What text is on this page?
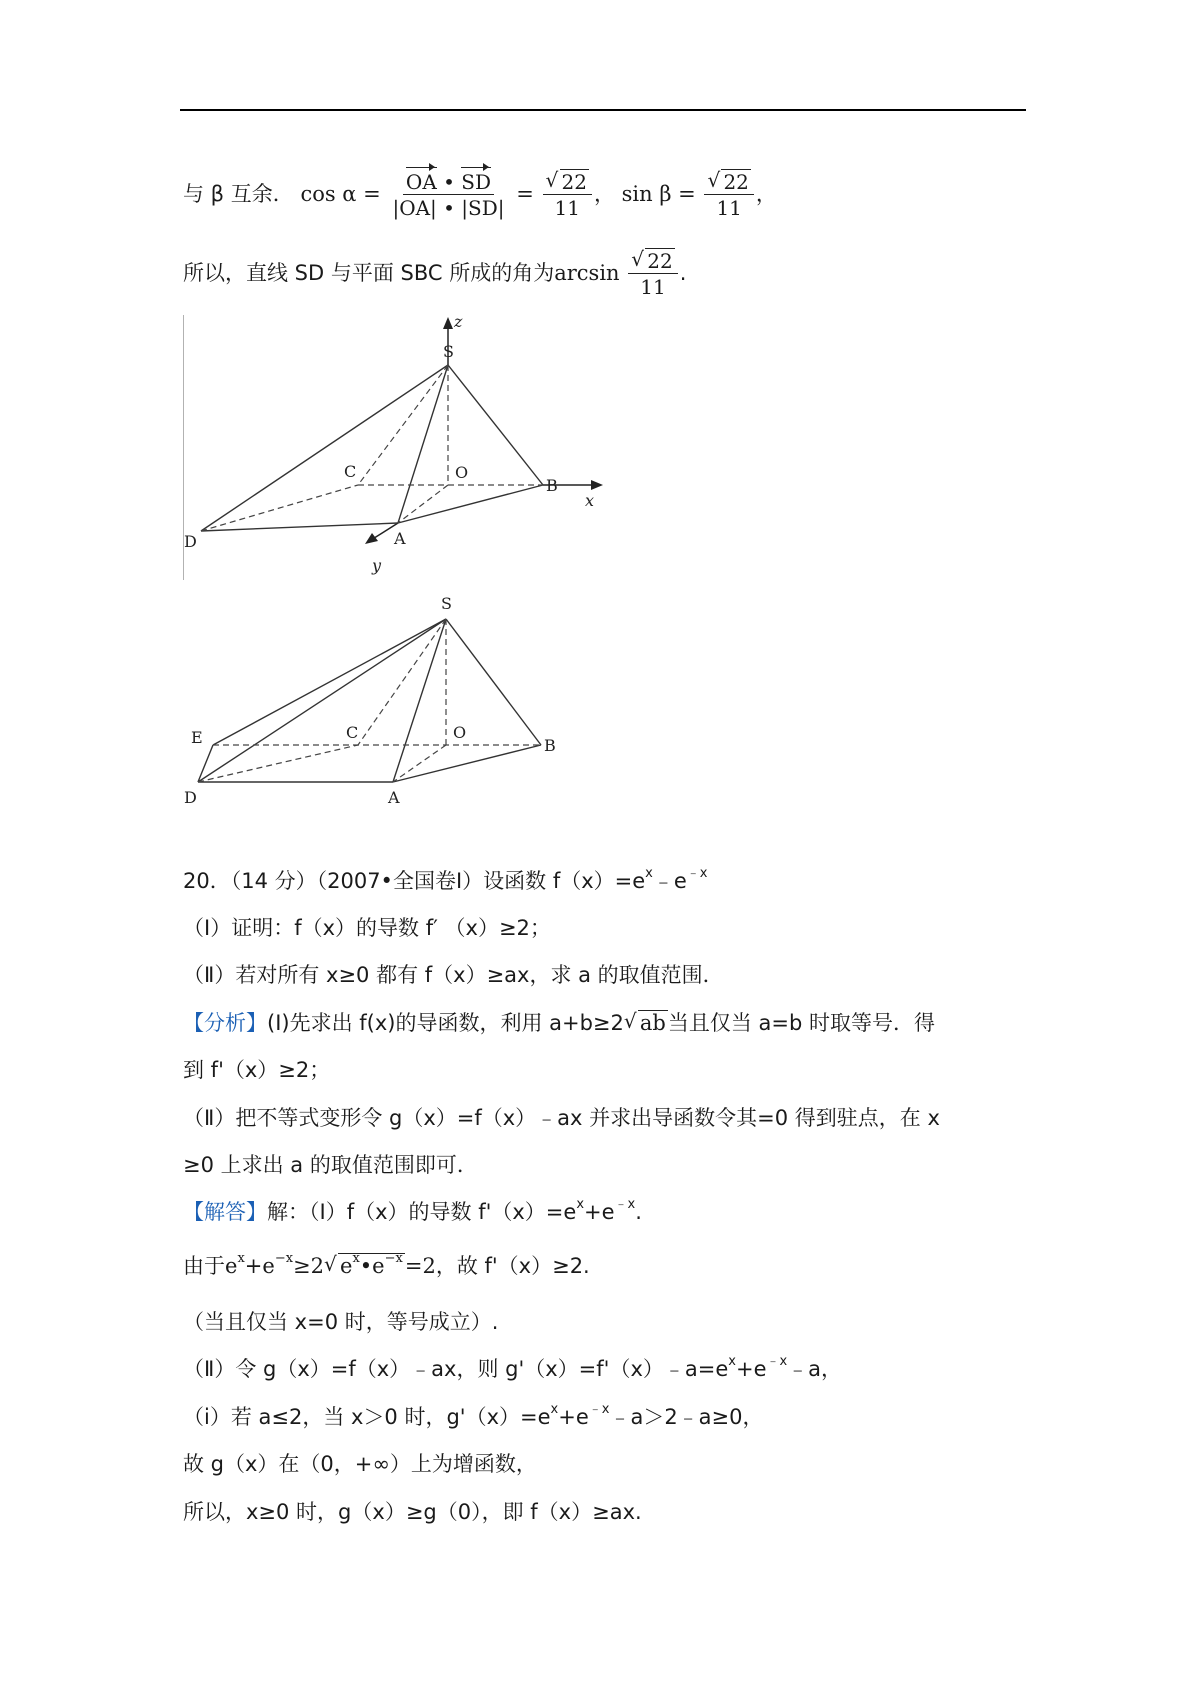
与 β 互余． $\cos \alpha = \frac{OA • SD}{|OA| • |SD|} = \frac{√ 22}{11}$ ， $\sin \beta = \frac{√ 22}{11}$ ，
所以，直线 SD 与平面 SBC 所成的角为$\arcsin \frac{√ 22}{11}$ .
z
S
C	O
B
x
D	A
y
S
E	C	O
B
D	A
20．（14 分）（2007•全国卷Ⅰ）设函数 $f(x)=e^x﹣e^{﹣x}$
（Ⅰ）证明：f（x）的导数 f′ （x）≥2；
（Ⅱ）若对所有 x≥0 都有 f（x）≥ax，求 a 的取值范围．
【分析】(Ⅰ)先求出 f(x)的导函数，利用 a+b≥2 √ ab当且仅当 a=b 时取等号．得
到 f'（x）≥2；
（Ⅱ）把不等式变形令 g（x）=f（x）﹣ax 并求出导函数令其=0 得到驻点，在 x
≥0 上求出 a 的取值范围即可．
【解答】解：（Ⅰ）f（x）的导数 $f'(x)=e^x+e^{﹣x}$.
由于$e^x+e^{-x}\ge 2$ √ $e^x•e^{-x}=2$，故 f'（x）≥2.
（当且仅当 x=0 时，等号成立）.
（Ⅱ）令 g（x）=f（x）﹣ax，则 $g'(x)=f'(x)﹣a=e^x+e^{﹣x}﹣a$，
（ⅰ）若 a≤2，当 x＞0 时，$g'(x)=e^x+e^{﹣x}﹣a>2﹣a\ge 0$，
故 g（x）在（0，+∞）上为增函数，
所以，x≥0 时，g（x）≥g（0），即 f（x）≥ax.
